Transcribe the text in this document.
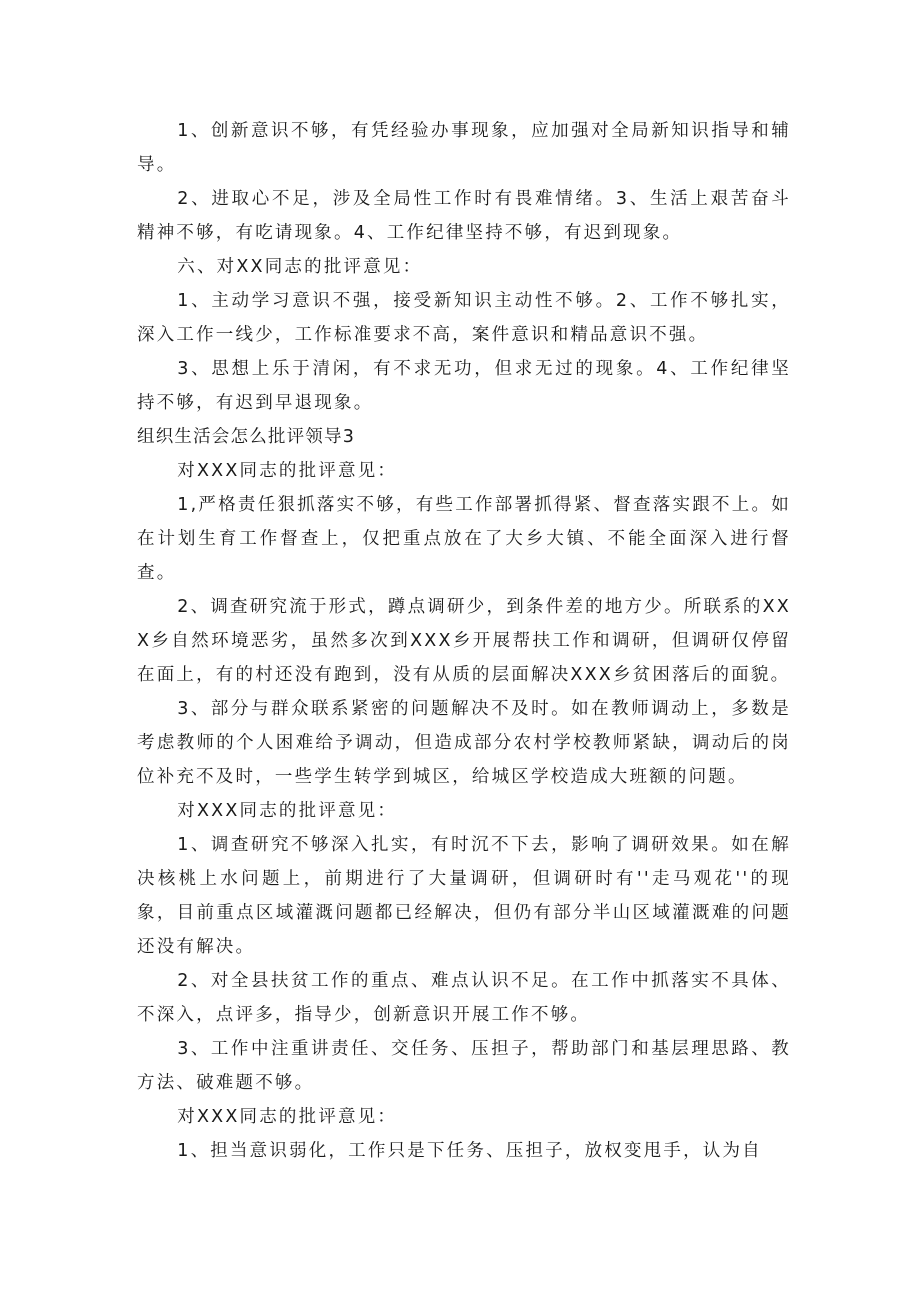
1、创新意识不够，有凭经验办事现象，应加强对全局新知识指导和辅导。

2、进取心不足，涉及全局性工作时有畏难情绪。3、生活上艰苦奋斗精神不够，有吃请现象。4、工作纪律坚持不够，有迟到现象。

六、对XX同志的批评意见：

1、主动学习意识不强，接受新知识主动性不够。2、工作不够扎实，深入工作一线少，工作标准要求不高，案件意识和精品意识不强。

3、思想上乐于清闲，有不求无功，但求无过的现象。4、工作纪律坚持不够，有迟到早退现象。

组织生活会怎么批评领导3

对XXX同志的批评意见：

1,严格责任狠抓落实不够，有些工作部署抓得紧、督查落实跟不上。如在计划生育工作督查上，仅把重点放在了大乡大镇、不能全面深入进行督查。

2、调查研究流于形式，蹲点调研少，到条件差的地方少。所联系的XXX乡自然环境恶劣，虽然多次到XXX乡开展帮扶工作和调研，但调研仅停留在面上，有的村还没有跑到，没有从质的层面解决XXX乡贫困落后的面貌。

3、部分与群众联系紧密的问题解决不及时。如在教师调动上，多数是考虑教师的个人困难给予调动，但造成部分农村学校教师紧缺，调动后的岗位补充不及时，一些学生转学到城区，给城区学校造成大班额的问题。

对XXX同志的批评意见：

1、调查研究不够深入扎实，有时沉不下去，影响了调研效果。如在解决核桃上水问题上，前期进行了大量调研，但调研时有''走马观花''的现象，目前重点区域灌溉问题都已经解决，但仍有部分半山区域灌溉难的问题还没有解决。

2、对全县扶贫工作的重点、难点认识不足。在工作中抓落实不具体、不深入，点评多，指导少，创新意识开展工作不够。

3、工作中注重讲责任、交任务、压担子，帮助部门和基层理思路、教方法、破难题不够。

对XXX同志的批评意见：

1、担当意识弱化，工作只是下任务、压担子，放权变甩手，认为自
